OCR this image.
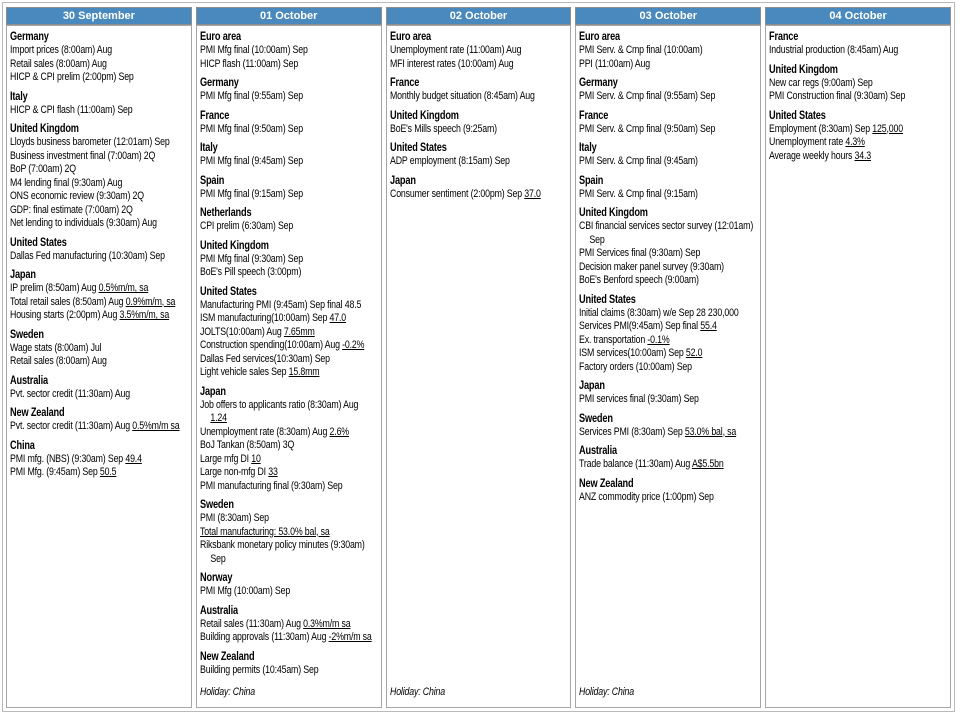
30 September
Germany
Import prices (8:00am) Aug
Retail sales (8:00am) Aug
HICP & CPI prelim (2:00pm) Sep
Italy
HICP & CPI flash (11:00am) Sep
United Kingdom
Lloyds business barometer (12:01am) Sep
Business investment final (7:00am) 2Q
BoP (7:00am) 2Q
M4 lending final (9:30am) Aug
ONS economic review (9:30am) 2Q
GDP: final estimate (7:00am) 2Q
Net lending to individuals (9:30am) Aug
United States
Dallas Fed manufacturing (10:30am) Sep
Japan
IP prelim (8:50am) Aug 0.5%m/m, sa
Total retail sales (8:50am) Aug 0.9%m/m, sa
Housing starts (2:00pm) Aug 3.5%m/m, sa
Sweden
Wage stats (8:00am) Jul
Retail sales (8:00am) Aug
Australia
Pvt. sector credit (11:30am) Aug
New Zealand
Pvt. sector credit (11:30am) Aug 0.5%m/m sa
China
PMI mfg. (NBS) (9:30am) Sep 49.4
PMI Mfg. (9:45am) Sep 50.5
01 October
Euro area
PMI Mfg final (10:00am) Sep
HICP flash (11:00am) Sep
Germany
PMI Mfg final (9:55am) Sep
France
PMI Mfg final (9:50am) Sep
Italy
PMI Mfg final (9:45am) Sep
Spain
PMI Mfg final (9:15am) Sep
Netherlands
CPI prelim (6:30am) Sep
United Kingdom
PMI Mfg final (9:30am) Sep
BoE's Pill speech (3:00pm)
United States
Manufacturing PMI (9:45am) Sep final 48.5
ISM manufacturing(10:00am) Sep 47.0
JOLTS(10:00am) Aug 7.65mm
Construction spending(10:00am) Aug -0.2%
Dallas Fed services(10:30am) Sep
Light vehicle sales Sep 15.8mm
Japan
Job offers to applicants ratio (8:30am) Aug 1.24
Unemployment rate (8:30am) Aug 2.6%
BoJ Tankan (8:50am) 3Q
Large mfg DI 10
Large non-mfg DI 33
PMI manufacturing final (9:30am) Sep
Sweden
PMI (8:30am) Sep
Total manufacturing: 53.0% bal, sa
Riksbank monetary policy minutes (9:30am) Sep
Norway
PMI Mfg (10:00am) Sep
Australia
Retail sales (11:30am) Aug 0.3%m/m sa
Building approvals (11:30am) Aug -2%m/m sa
New Zealand
Building permits (10:45am) Sep
Holiday: China
02 October
Euro area
Unemployment rate (11:00am) Aug
MFI interest rates (10:00am) Aug
France
Monthly budget situation (8:45am) Aug
United Kingdom
BoE's Mills speech (9:25am)
United States
ADP employment (8:15am) Sep
Japan
Consumer sentiment (2:00pm) Sep 37.0
Holiday: China
03 October
Euro area
PMI Serv. & Cmp final (10:00am)
PPI (11:00am) Aug
Germany
PMI Serv. & Cmp final (9:55am) Sep
France
PMI Serv. & Cmp final (9:50am) Sep
Italy
PMI Serv. & Cmp final (9:45am)
Spain
PMI Serv. & Cmp final (9:15am)
United Kingdom
CBI financial services sector survey (12:01am) Sep
PMI Services final (9:30am) Sep
Decision maker panel survey (9:30am)
BoE's Benford speech (9:00am)
United States
Initial claims (8:30am) w/e Sep 28 230,000
Services PMI(9:45am) Sep final 55.4
Ex. transportation -0.1%
ISM services(10:00am) Sep 52.0
Factory orders (10:00am) Sep
Japan
PMI services final (9:30am) Sep
Sweden
Services PMI (8:30am) Sep 53.0% bal, sa
Australia
Trade balance (11:30am) Aug A$5.5bn
New Zealand
ANZ commodity price (1:00pm) Sep
Holiday: China
04 October
France
Industrial production (8:45am) Aug
United Kingdom
New car regs (9:00am) Sep
PMI Construction final (9:30am) Sep
United States
Employment (8:30am) Sep 125,000
Unemployment rate 4.3%
Average weekly hours 34.3
